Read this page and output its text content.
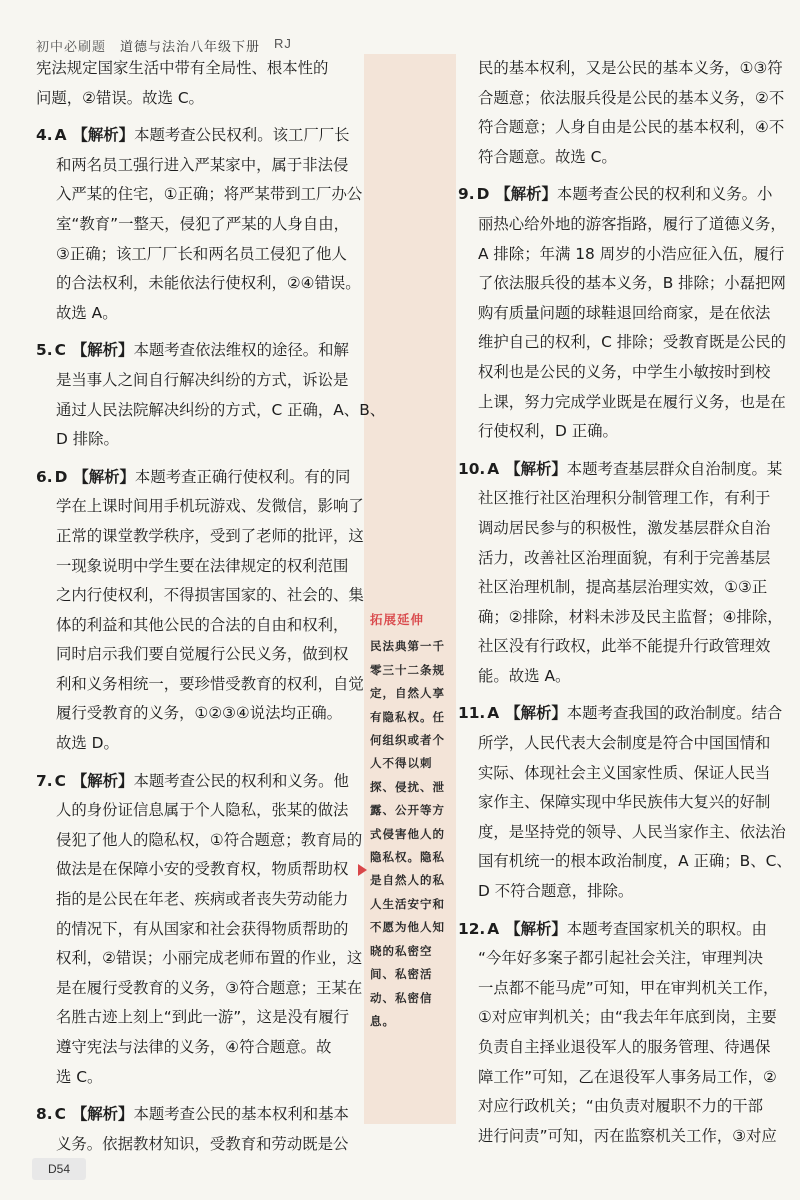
初中必刷题 道德与法治八年级下册 RJ
宪法规定国家生活中带有全局性、根本性的
问题，②错误。故选 C。
4. A 【解析】本题考查公民权利。该工厂厂长
和两名员工强行进入严某家中，属于非法侵
入严某的住宅，①正确；将严某带到工厂办公
室“教育”一整天，侵犯了严某的人身自由，
③正确；该工厂厂长和两名员工侵犯了他人
的合法权利，未能依法行使权利，②④错误。
故选 A。
5. C 【解析】本题考查依法维权的途径。和解
是当事人之间自行解决纠纷的方式，诉讼是
通过人民法院解决纠纷的方式，C 正确，A、B、
D 排除。
6. D 【解析】本题考查正确行使权利。有的同
学在上课时间用手机玩游戏、发微信，影响了
正常的课堂教学秩序，受到了老师的批评，这
一现象说明中学生要在法律规定的权利范围
之内行使权利，不得损害国家的、社会的、集
体的利益和其他公民的合法的自由和权利，
同时启示我们要自觉履行公民义务，做到权
利和义务相统一，要珍惜受教育的权利，自觉
履行受教育的义务，①②③④说法均正确。
故选 D。
7. C 【解析】本题考查公民的权利和义务。他
人的身份证信息属于个人隐私，张某的做法
侵犯了他人的隐私权，①符合题意；教育局的
做法是在保障小安的受教育权，物质帮助权
指的是公民在年老、疾病或者丧失劳动能力
的情况下，有从国家和社会获得物质帮助的
权利，②错误；小丽完成老师布置的作业，这
是在履行受教育的义务，③符合题意；王某在
名胜古迹上刻上“到此一游”，这是没有履行
遵守宪法与法律的义务，④符合题意。故
选 C。
8. C 【解析】本题考查公民的基本权利和基本
义务。依据教材知识，受教育和劳动既是公
拓展延伸
民法典第一千零三十二条规定，自然人享有隐私权。任何组织或者个人不得以刺探、侵扰、泄露、公开等方式侵害他人的隐私权。隐私是自然人的私人生活安宁和不愿为他人知晓的私密空间、私密活动、私密信息。
民的基本权利，又是公民的基本义务，①③符
合题意；依法服兵役是公民的基本义务，②不
符合题意；人身自由是公民的基本权利，④不
符合题意。故选 C。
9. D 【解析】本题考查公民的权利和义务。小
丽热心给外地的游客指路，履行了道德义务，
A 排除；年满 18 周岁的小浩应征入伍，履行
了依法服兵役的基本义务，B 排除；小磊把网
购有质量问题的球鞋退回给商家，是在依法
维护自己的权利，C 排除；受教育既是公民的
权利也是公民的义务，中学生小敏按时到校
上课，努力完成学业既是在履行义务，也是在
行使权利，D 正确。
10. A 【解析】本题考查基层群众自治制度。某
社区推行社区治理积分制管理工作，有利于
调动居民参与的积极性，激发基层群众自治
活力，改善社区治理面貌，有利于完善基层
社区治理机制，提高基层治理实效，①③正
确；②排除，材料未涉及民主监督；④排除，
社区没有行政权，此举不能提升行政管理效
能。故选 A。
11. A 【解析】本题考查我国的政治制度。结合
所学，人民代表大会制度是符合中国国情和
实际、体现社会主义国家性质、保证人民当
家作主、保障实现中华民族伟大复兴的好制
度，是坚持党的领导、人民当家作主、依法治
国有机统一的根本政治制度，A 正确；B、C、
D 不符合题意，排除。
12. A 【解析】本题考查国家机关的职权。由
“今年好多案子都引起社会关注，审理判决
一点都不能马虎”可知，甲在审判机关工作，
①对应审判机关；由“我去年年底到岗，主要
负责自主择业退役军人的服务管理、待遇保
障工作”可知，乙在退役军人事务局工作，②
对应行政机关；“由负责对履职不力的干部
进行问责”可知，丙在监察机关工作，③对应
D54
